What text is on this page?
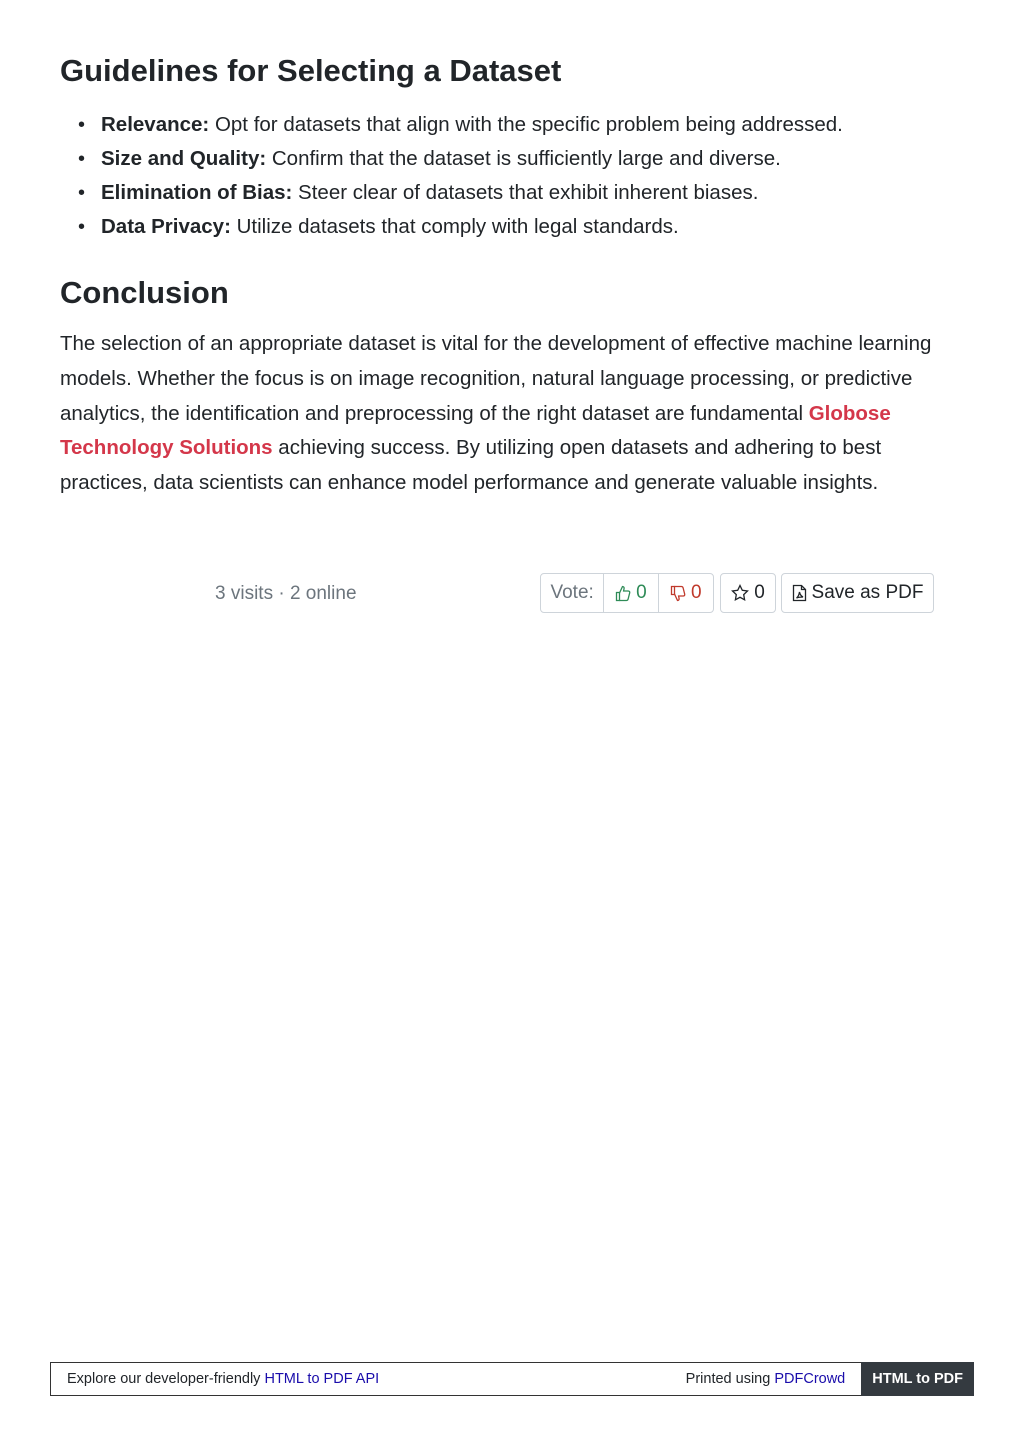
Guidelines for Selecting a Dataset
• Relevance: Opt for datasets that align with the specific problem being addressed.
• Size and Quality: Confirm that the dataset is sufficiently large and diverse.
• Elimination of Bias: Steer clear of datasets that exhibit inherent biases.
• Data Privacy: Utilize datasets that comply with legal standards.
Conclusion

The selection of an appropriate dataset is vital for the development of effective machine learning models. Whether the focus is on image recognition, natural language processing, or predictive analytics, the identification and preprocessing of the right dataset are fundamental Globose Technology Solutions achieving success. By utilizing open datasets and adhering to best practices, data scientists can enhance model performance and generate valuable insights.

3 visits · 2 online	Vote:	0 0	0 Save as PDF
Explore our developer-friendly HTML to PDF API	Printed using PDFCrowd	HTML to PDF
